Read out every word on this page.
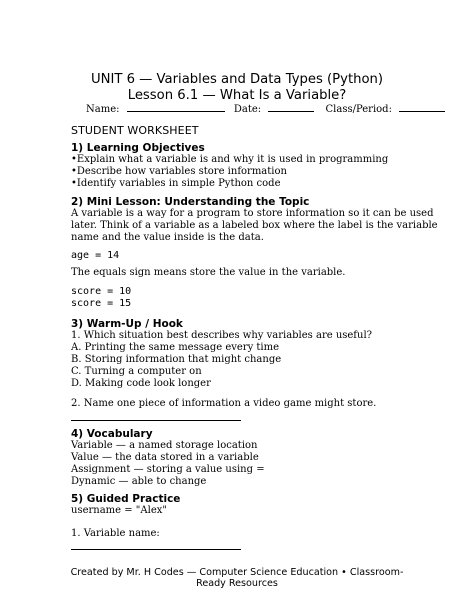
UNIT 6 — Variables and Data Types (Python)
Lesson 6.1 — What Is a Variable?
Name:	Date:	Class/Period:
STUDENT WORKSHEET
1) Learning Objectives
• Explain what a variable is and why it is used in programming
• Describe how variables store information
• Identify variables in simple Python code
2) Mini Lesson: Understanding the Topic
A variable is a way for a program to store information so it can be used
later. Think of a variable as a labeled box where the label is the variable
name and the value inside is the data.
age = 14
The equals sign means store the value in the variable.
score = 10
score = 15
3) Warm-Up / Hook
1. Which situation best describes why variables are useful?
A. Printing the same message every time
B. Storing information that might change
C. Turning a computer on
D. Making code look longer
2. Name one piece of information a video game might store.
4) Vocabulary
Variable — a named storage location
Value — the data stored in a variable
Assignment — storing a value using =
Dynamic — able to change
5) Guided Practice
username = "Alex"
1. Variable name:
Created by Mr. H Codes — Computer Science Education • Classroom-Ready Resources
